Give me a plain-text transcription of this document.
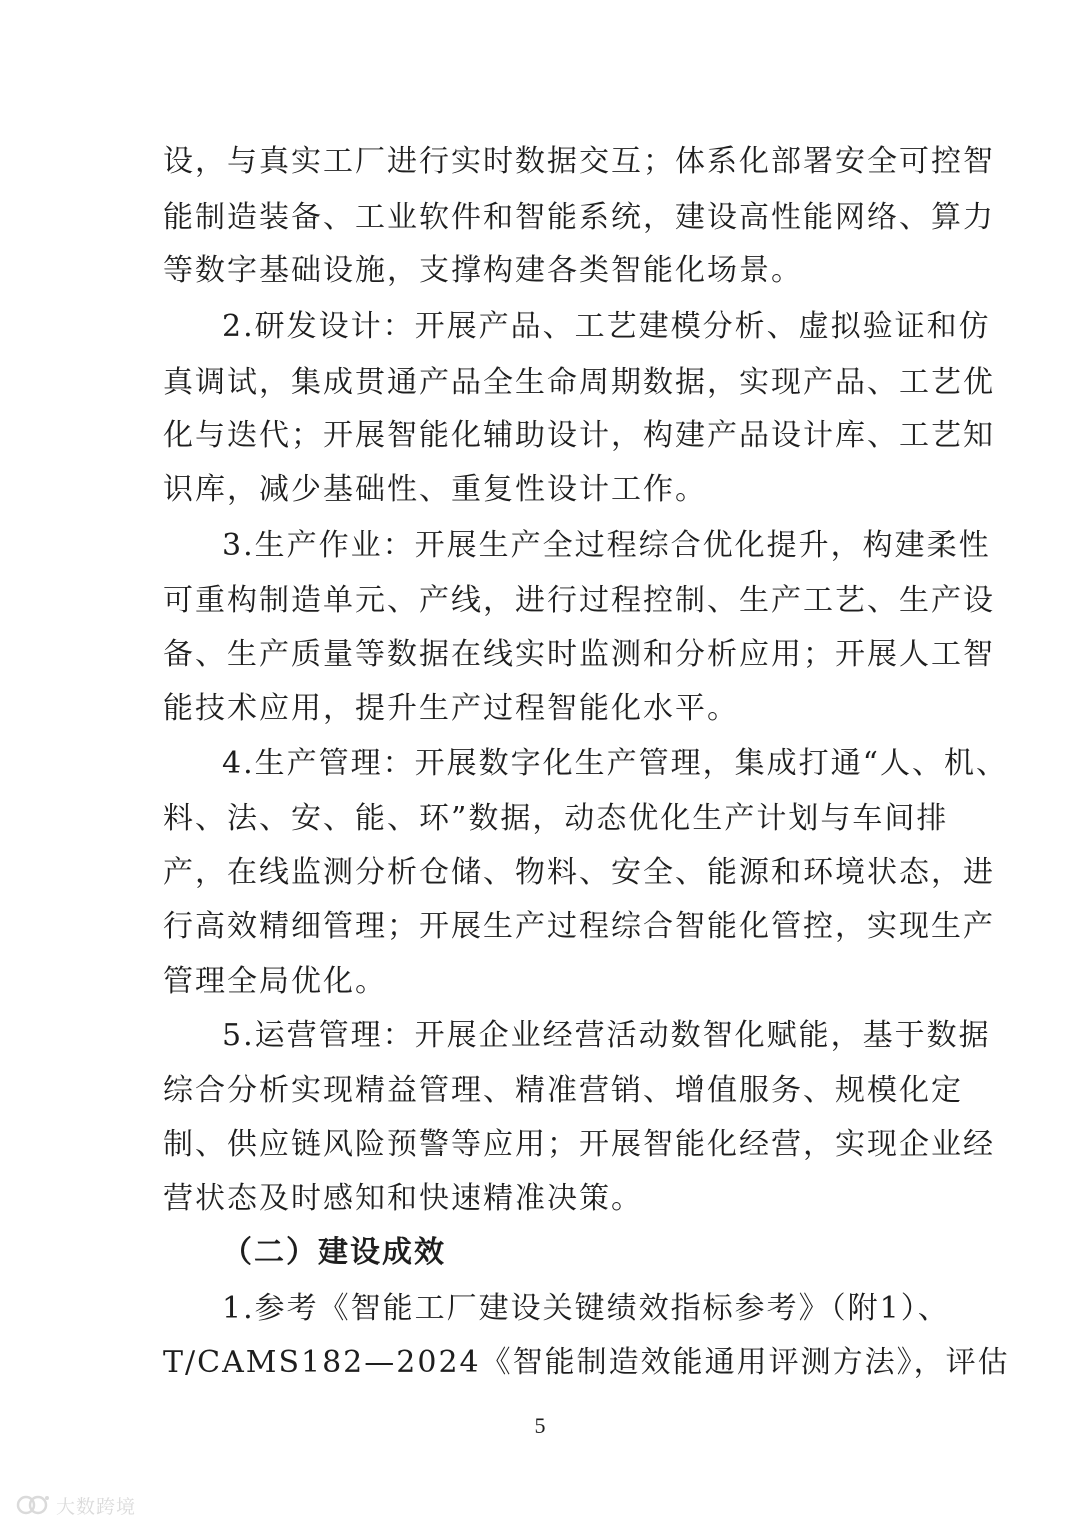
设，与真实工厂进行实时数据交互；体系化部署安全可控智
能制造装备、工业软件和智能系统，建设高性能网络、算力
等数字基础设施，支撑构建各类智能化场景。
2.研发设计：开展产品、工艺建模分析、虚拟验证和仿
真调试，集成贯通产品全生命周期数据，实现产品、工艺优
化与迭代；开展智能化辅助设计，构建产品设计库、工艺知
识库，减少基础性、重复性设计工作。
3.生产作业：开展生产全过程综合优化提升，构建柔性
可重构制造单元、产线，进行过程控制、生产工艺、生产设
备、生产质量等数据在线实时监测和分析应用；开展人工智
能技术应用，提升生产过程智能化水平。
4.生产管理：开展数字化生产管理，集成打通“人、机、
料、法、安、能、环”数据，动态优化生产计划与车间排
产，在线监测分析仓储、物料、安全、能源和环境状态，进
行高效精细管理；开展生产过程综合智能化管控，实现生产
管理全局优化。
5.运营管理：开展企业经营活动数智化赋能，基于数据
综合分析实现精益管理、精准营销、增值服务、规模化定
制、供应链风险预警等应用；开展智能化经营，实现企业经
营状态及时感知和快速精准决策。
（二）建设成效
1.参考《智能工厂建设关键绩效指标参考》（附1）、
T/CAMS182—2024《智能制造效能通用评测方法》，评估
5
大数跨境
